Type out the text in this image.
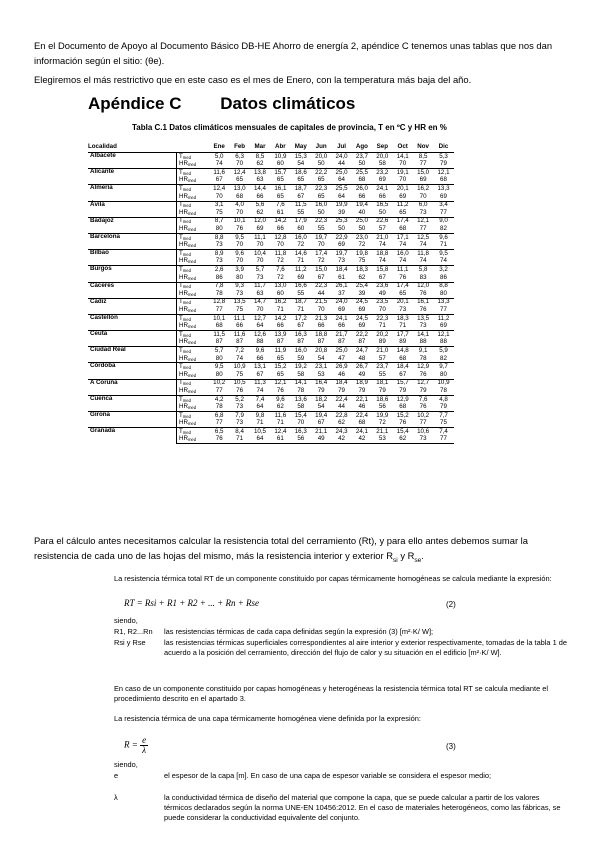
En el Documento de Apoyo al Documento Básico DB-HE Ahorro de energía 2, apéndice C tenemos unas tablas que nos dan información según el sitio: (θe).

Elegiremos el más restrictivo que en este caso es el mes de Enero, con la temperatura más baja del año.

Apéndice C Datos climáticos
Tabla C.1 Datos climáticos mensuales de capitales de provincia, T en ºC y HR en %
Localidad		Ene	Feb	Mar	Abr	May	Jun	Jul	Ago	Sep	Oct	Nov	Dic
Albacete	$T_{med}$	5,0	6,3	8,5	10,9	15,3	20,0	24,0	23,7	20,0	14,1	8,5	5,3
	$HR_{med}$	74	70	62	60	54	50	44	50	58	70	77	79
Alicante	$T_{med}$	11,6	12,4	13,8	15,7	18,6	22,2	25,0	25,5	23,2	19,1	15,0	12,1
	$HR_{med}$	67	65	63	65	65	65	64	68	69	70	69	68
Almería	$T_{med}$	12,4	13,0	14,4	16,1	18,7	22,3	25,5	26,0	24,1	20,1	16,2	13,3
	$HR_{med}$	70	68	66	65	67	65	64	66	66	69	70	69
Ávila	$T_{med}$	3,1	4,0	5,6	7,6	11,5	16,0	19,9	19,4	16,5	11,2	6,0	3,4
	$HR_{med}$	75	70	62	61	55	50	39	40	50	65	73	77
Badajoz	$T_{med}$	8,7	10,1	12,0	14,2	17,9	22,3	25,3	25,0	22,6	17,4	12,1	9,0
	$HR_{med}$	80	76	69	66	60	55	50	50	57	68	77	82
Barcelona	$T_{med}$	8,8	9,5	11,1	12,8	16,0	19,7	22,9	23,0	21,0	17,1	12,5	9,6
	$HR_{med}$	73	70	70	70	72	70	69	72	74	74	74	71
Bilbao	$T_{med}$	8,9	9,6	10,4	11,8	14,6	17,4	19,7	19,8	18,8	16,0	11,8	9,5
	$HR_{med}$	73	70	70	72	71	72	73	75	74	74	74	74
Burgos	$T_{med}$	2,6	3,9	5,7	7,6	11,2	15,0	18,4	18,3	15,8	11,1	5,8	3,2
	$HR_{med}$	86	80	73	72	69	67	61	62	67	76	83	86
Cáceres	$T_{med}$	7,8	9,3	11,7	13,0	16,6	22,3	26,1	25,4	23,6	17,4	12,0	8,8
	$HR_{med}$	78	73	63	60	55	44	37	39	49	65	76	80
Cádiz	$T_{med}$	12,8	13,5	14,7	16,2	18,7	21,5	24,0	24,5	23,5	20,1	16,1	13,3
	$HR_{med}$	77	75	70	71	71	70	69	69	70	73	76	77
Castellón	$T_{med}$	10,1	11,1	12,7	14,2	17,2	21,3	24,1	24,5	22,3	18,3	13,5	11,2
	$HR_{med}$	68	66	64	66	67	66	66	69	71	71	73	69
Ceuta	$T_{med}$	11,5	11,6	12,6	13,9	16,3	18,8	21,7	22,2	20,2	17,7	14,1	12,1
	$HR_{med}$	87	87	88	87	87	87	87	87	89	89	88	88
Ciudad Real	$T_{med}$	5,7	7,2	9,6	11,9	16,0	20,8	25,0	24,7	21,0	14,8	9,1	5,9
	$HR_{med}$	80	74	66	65	59	54	47	48	57	68	78	82
Córdoba	$T_{med}$	9,5	10,9	13,1	15,2	19,2	23,1	26,9	26,7	23,7	18,4	12,9	9,7
	$HR_{med}$	80	75	67	65	58	53	46	49	55	67	76	80
A Coruña	$T_{med}$	10,2	10,5	11,3	12,1	14,1	16,4	18,4	18,9	18,1	15,7	12,7	10,9
	$HR_{med}$	77	76	74	76	78	79	79	79	79	79	79	78
Cuenca	$T_{med}$	4,2	5,2	7,4	9,6	13,6	18,2	22,4	22,1	18,6	12,9	7,6	4,8
	$HR_{med}$	78	73	64	62	58	54	44	46	56	68	76	79
Girona	$T_{med}$	6,8	7,9	9,8	11,6	15,4	19,4	22,8	22,4	19,9	15,2	10,2	7,7
	$HR_{med}$	77	73	71	71	70	67	62	68	72	76	77	75
Granada	$T_{med}$	6,5	8,4	10,5	12,4	16,3	21,1	24,3	24,1	21,1	15,4	10,6	7,4
	$HR_{med}$	76	71	64	61	56	49	42	42	53	62	73	77

Para el cálculo antes necesitamos calcular la resistencia total del cerramiento (Rt), y para ello antes debemos sumar la resistencia de cada uno de las hojas del mismo, más la resistencia interior y exterior $R_{si}$ y $R_{se}$.

La resistencia térmica total RT de un componente constituido por capas térmicamente homogéneas se calcula mediante la expresión:

RT = Rsi + R1 + R2 + ... + Rn + Rse	(2)

siendo,

R1, R2...Rn las resistencias térmicas de cada capa definidas según la expresión (3) [m²·K/ W];
Rsi y Rse las resistencias térmicas superficiales correspondientes al aire interior y exterior respectivamente, tomadas de la tabla 1 de acuerdo a la posición del cerramiento, dirección del flujo de calor y su situación en el edificio [m²·K/ W].

En caso de un componente constituido por capas homogéneas y heterogéneas la resistencia térmica total RT se calcula mediante el procedimiento descrito en el apartado 3.

La resistencia térmica de una capa térmicamente homogénea viene definida por la expresión:

$R = \frac{e}{\lambda}$	(3)

siendo,

e	el espesor de la capa [m]. En caso de una capa de espesor variable se considera el espesor medio;
λ	la conductividad térmica de diseño del material que compone la capa, que se puede calcular a partir de los valores térmicos declarados según la norma UNE-EN 10456:2012. En el caso de materiales heterogéneos, como las fábricas, se puede considerar la conductividad equivalente del conjunto.
